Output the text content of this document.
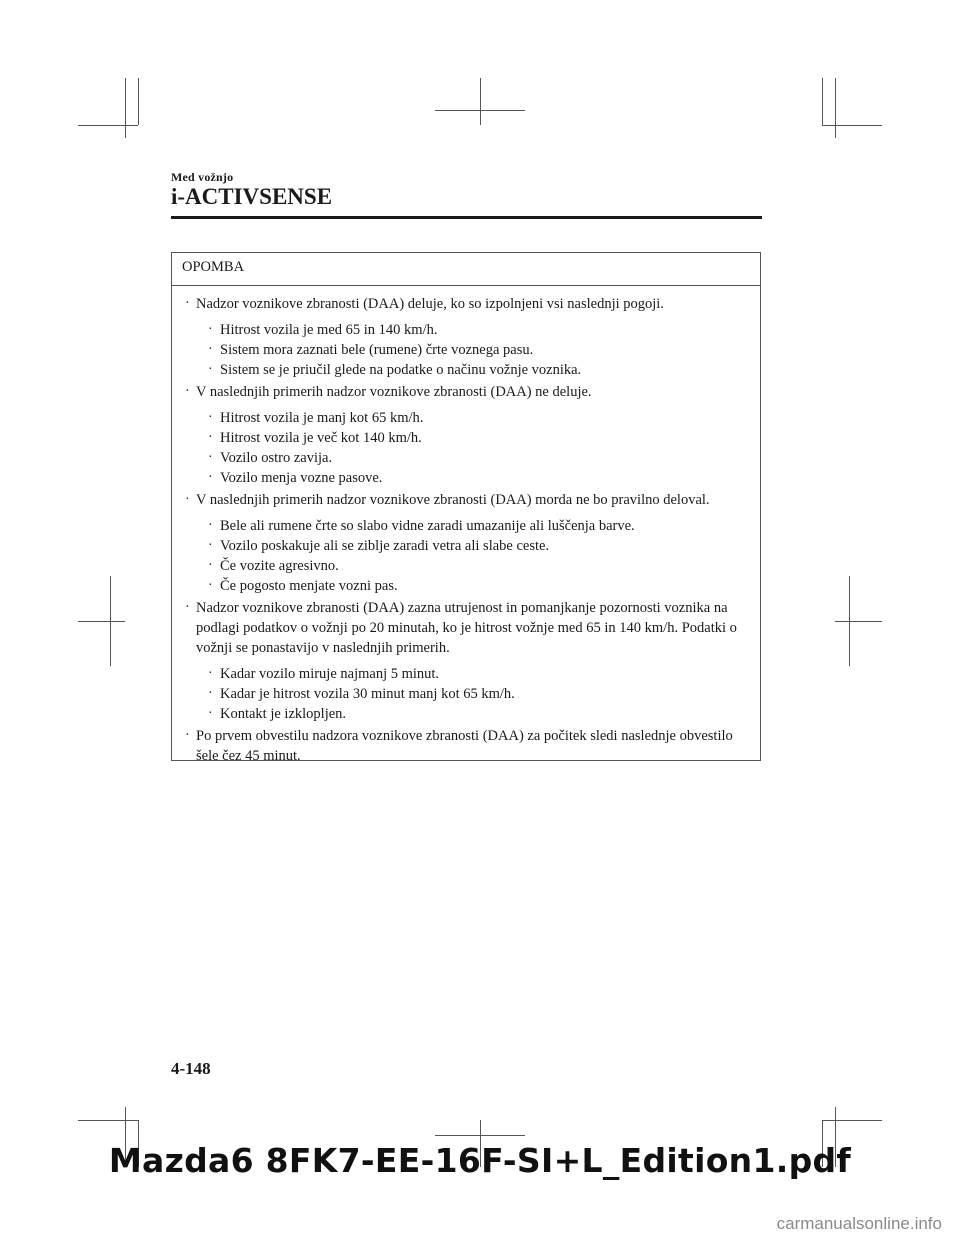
Med vožnjo
i-ACTIVSENSE
OPOMBA
· Nadzor voznikove zbranosti (DAA) deluje, ko so izpolnjeni vsi naslednji pogoji.
· Hitrost vozila je med 65 in 140 km/h.
· Sistem mora zaznati bele (rumene) črte voznega pasu.
· Sistem se je priučil glede na podatke o načinu vožnje voznika.
· V naslednjih primerih nadzor voznikove zbranosti (DAA) ne deluje.
· Hitrost vozila je manj kot 65 km/h.
· Hitrost vozila je več kot 140 km/h.
· Vozilo ostro zavija.
· Vozilo menja vozne pasove.
· V naslednjih primerih nadzor voznikove zbranosti (DAA) morda ne bo pravilno deloval.
· Bele ali rumene črte so slabo vidne zaradi umazanije ali luščenja barve.
· Vozilo poskakuje ali se ziblje zaradi vetra ali slabe ceste.
· Če vozite agresivno.
· Če pogosto menjate vozni pas.
· Nadzor voznikove zbranosti (DAA) zazna utrujenost in pomanjkanje pozornosti voznika na podlagi podatkov o vožnji po 20 minutah, ko je hitrost vožnje med 65 in 140 km/h. Podatki o vožnji se ponastavijo v naslednjih primerih.
· Kadar vozilo miruje najmanj 5 minut.
· Kadar je hitrost vozila 30 minut manj kot 65 km/h.
· Kontakt je izklopljen.
· Po prvem obvestilu nadzora voznikove zbranosti (DAA) za počitek sledi naslednje obvestilo šele čez 45 minut.
4-148
Mazda6 8FK7-EE-16F-SI+L_Edition1.pdf
carmanualsonline.info
